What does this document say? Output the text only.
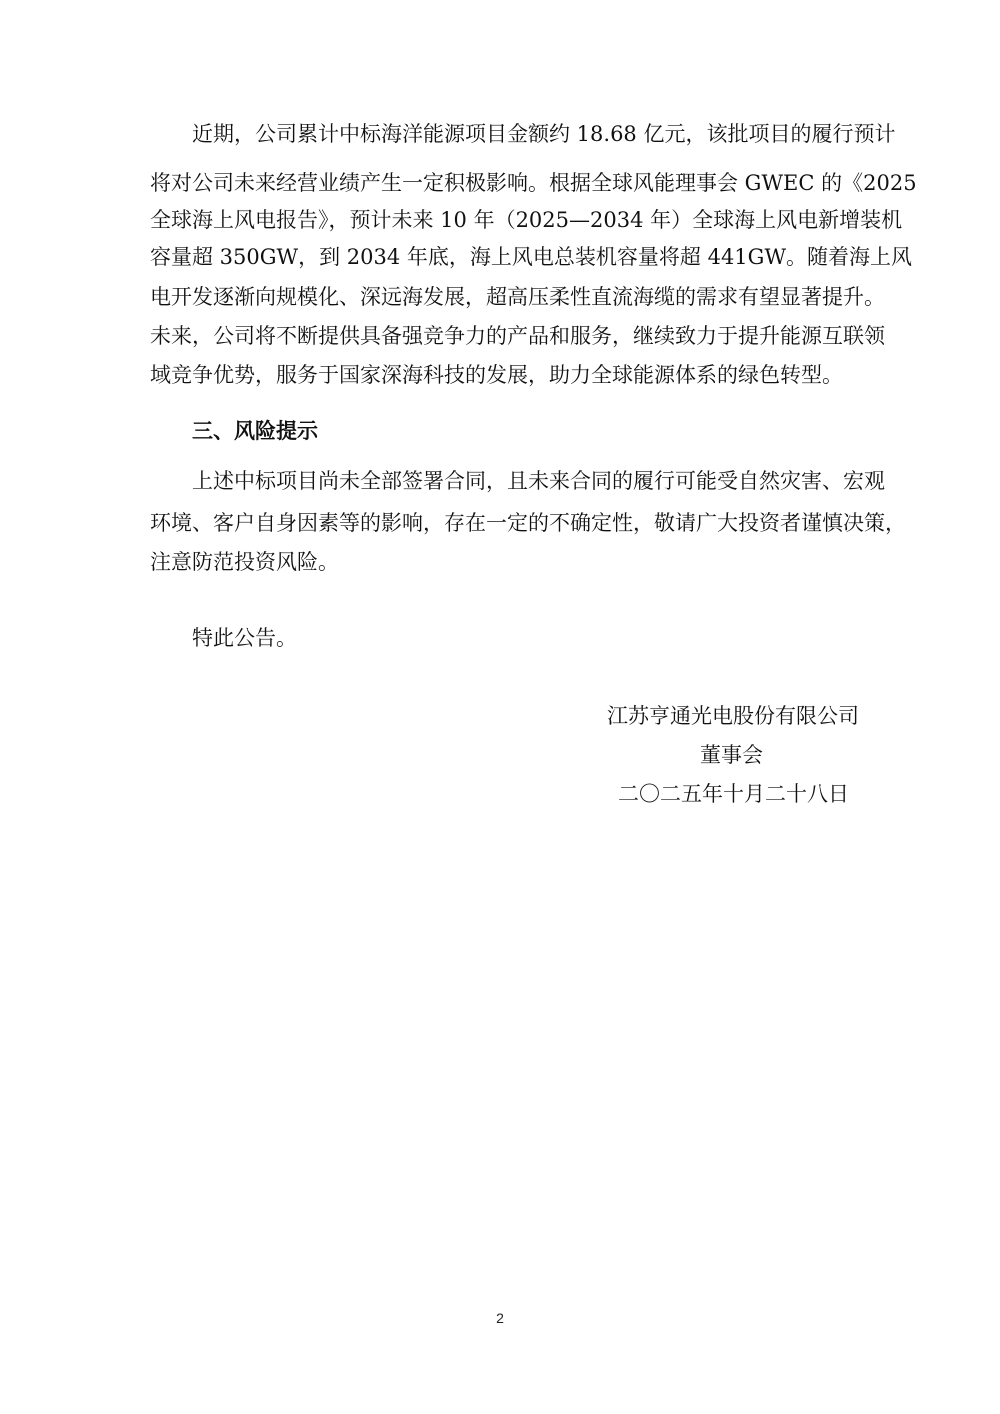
　　近期，公司累计中标海洋能源项目金额约 18.68 亿元，该批项目的履行预计
将对公司未来经营业绩产生一定积极影响。根据全球风能理事会 GWEC 的《2025
全球海上风电报告》，预计未来 10 年（2025—2034 年）全球海上风电新增装机
容量超 350GW，到 2034 年底，海上风电总装机容量将超 441GW。随着海上风
电开发逐渐向规模化、深远海发展，超高压柔性直流海缆的需求有望显著提升。
未来，公司将不断提供具备强竞争力的产品和服务，继续致力于提升能源互联领
域竞争优势，服务于国家深海科技的发展，助力全球能源体系的绿色转型。
三、风险提示
　　上述中标项目尚未全部签署合同，且未来合同的履行可能受自然灾害、宏观
环境、客户自身因素等的影响，存在一定的不确定性，敬请广大投资者谨慎决策，
注意防范投资风险。
特此公告。
江苏亨通光电股份有限公司
董事会
二〇二五年十月二十八日
2
